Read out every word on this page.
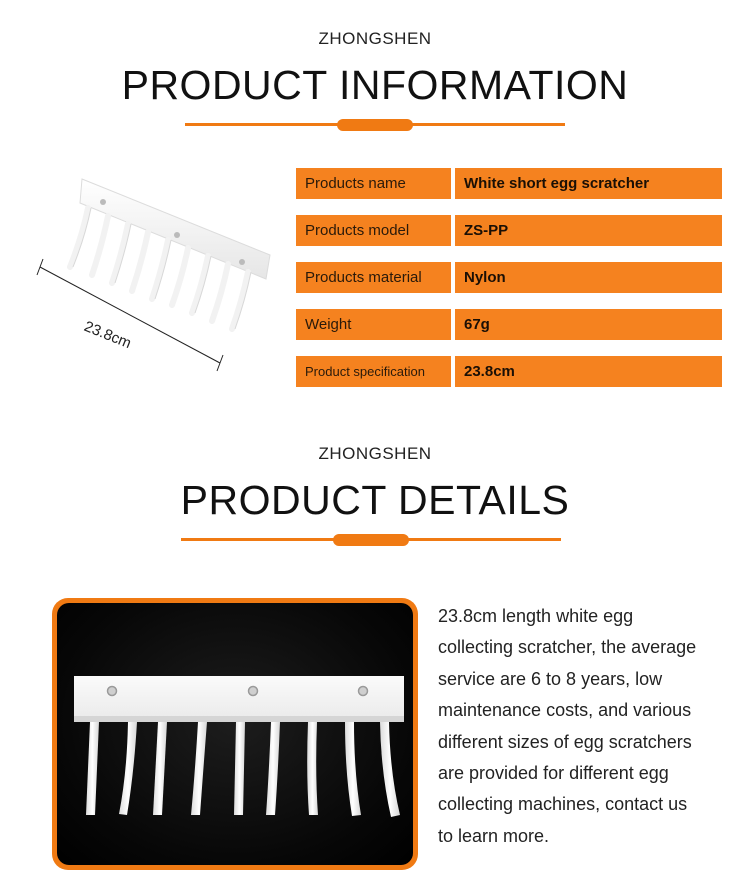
ZHONGSHEN
PRODUCT INFORMATION
23.8cm
Products name	White short egg scratcher
Products model	ZS-PP
Products material	Nylon
Weight	67g
Product specification	23.8cm
ZHONGSHEN
PRODUCT DETAILS
23.8cm length white egg
collecting scratcher, the average
service are 6 to 8 years, low
maintenance costs, and various
different sizes of egg scratchers
are provided for different egg
collecting machines, contact us
to learn more.
